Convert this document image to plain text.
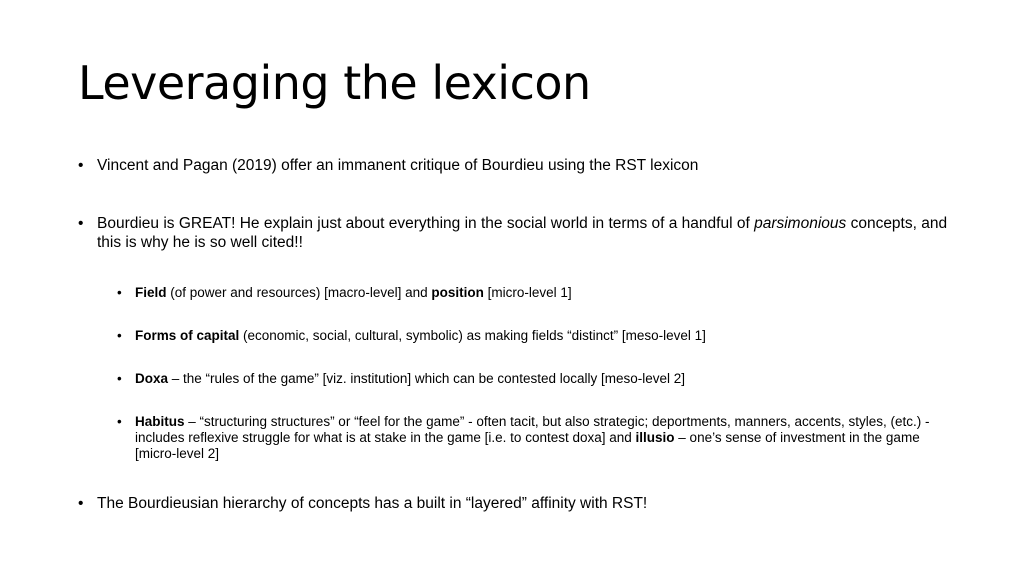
Leveraging the lexicon
• Vincent and Pagan (2019) offer an immanent critique of Bourdieu using the RST lexicon
• Bourdieu is GREAT! He explain just about everything in the social world in terms of a handful of parsimonious concepts, and this is why he is so well cited!!
• Field (of power and resources) [macro-level] and position [micro-level 1]
• Forms of capital (economic, social, cultural, symbolic) as making fields “distinct” [meso-level 1]
• Doxa – the “rules of the game” [viz. institution] which can be contested locally [meso-level 2]
• Habitus – “structuring structures” or “feel for the game” - often tacit, but also strategic; deportments, manners, accents, styles, (etc.) - includes reflexive struggle for what is at stake in the game [i.e. to contest doxa] and illusio – one’s sense of investment in the game [micro-level 2]
• The Bourdieusian hierarchy of concepts has a built in “layered” affinity with RST!
